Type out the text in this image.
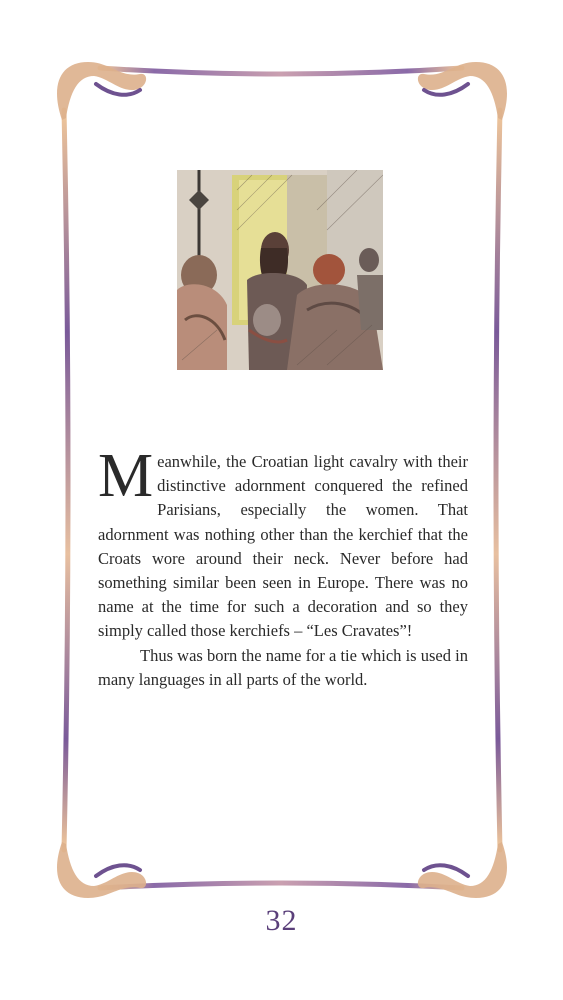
Meanwhile, the Croatian light cavalry with their distinctive adornment conquered the refined Parisians, especially the women. That adornment was nothing other than the kerchief that the Croats wore around their neck. Never before had something similar been seen in Europe. There was no name at the time for such a decoration and so they simply called those kerchiefs – “Les Cravates”!

Thus was born the name for a tie which is used in many languages in all parts of the world.

32
